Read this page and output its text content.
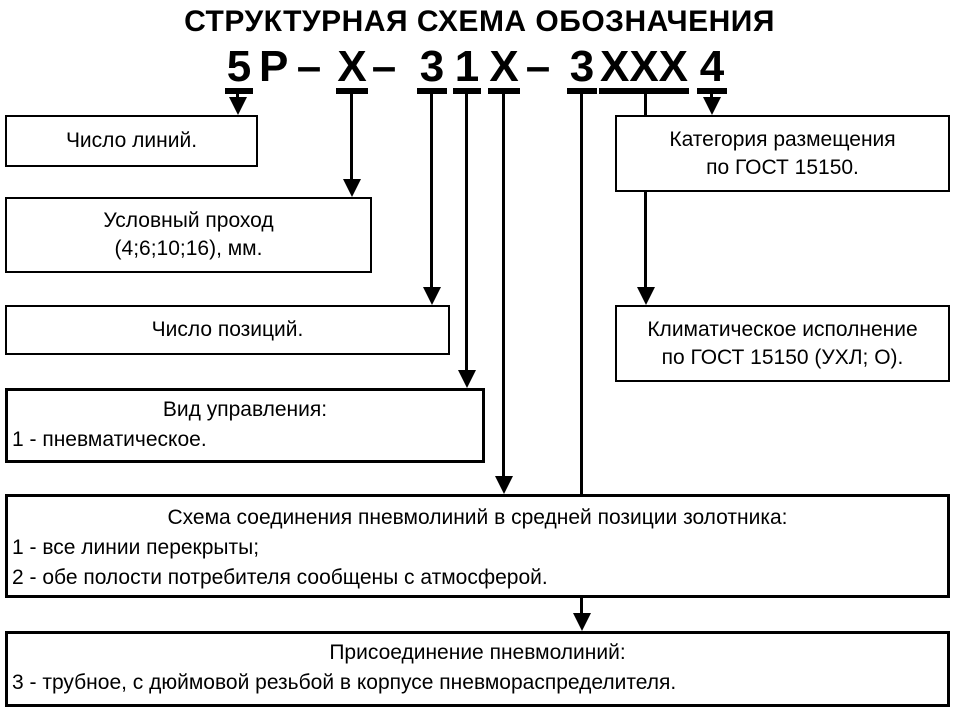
СТРУКТУРНАЯ СХЕМА ОБОЗНАЧЕНИЯ
5 Р – Х – 3 1 Х – 3 ХХХ 4
Число линий.
Условный проход
(4;6;10;16), мм.
Число позиций.
Вид управления:
1 - пневматическое.
Категория размещения
по ГОСТ 15150.
Климатическое исполнение
по ГОСТ 15150 (УХЛ; О).
Схема соединения пневмолиний в средней позиции золотника:
1 - все линии перекрыты;
2 - обе полости потребителя сообщены с атмосферой.
Присоединение пневмолиний:
3 - трубное, с дюймовой резьбой в корпусе пневмораспределителя.
